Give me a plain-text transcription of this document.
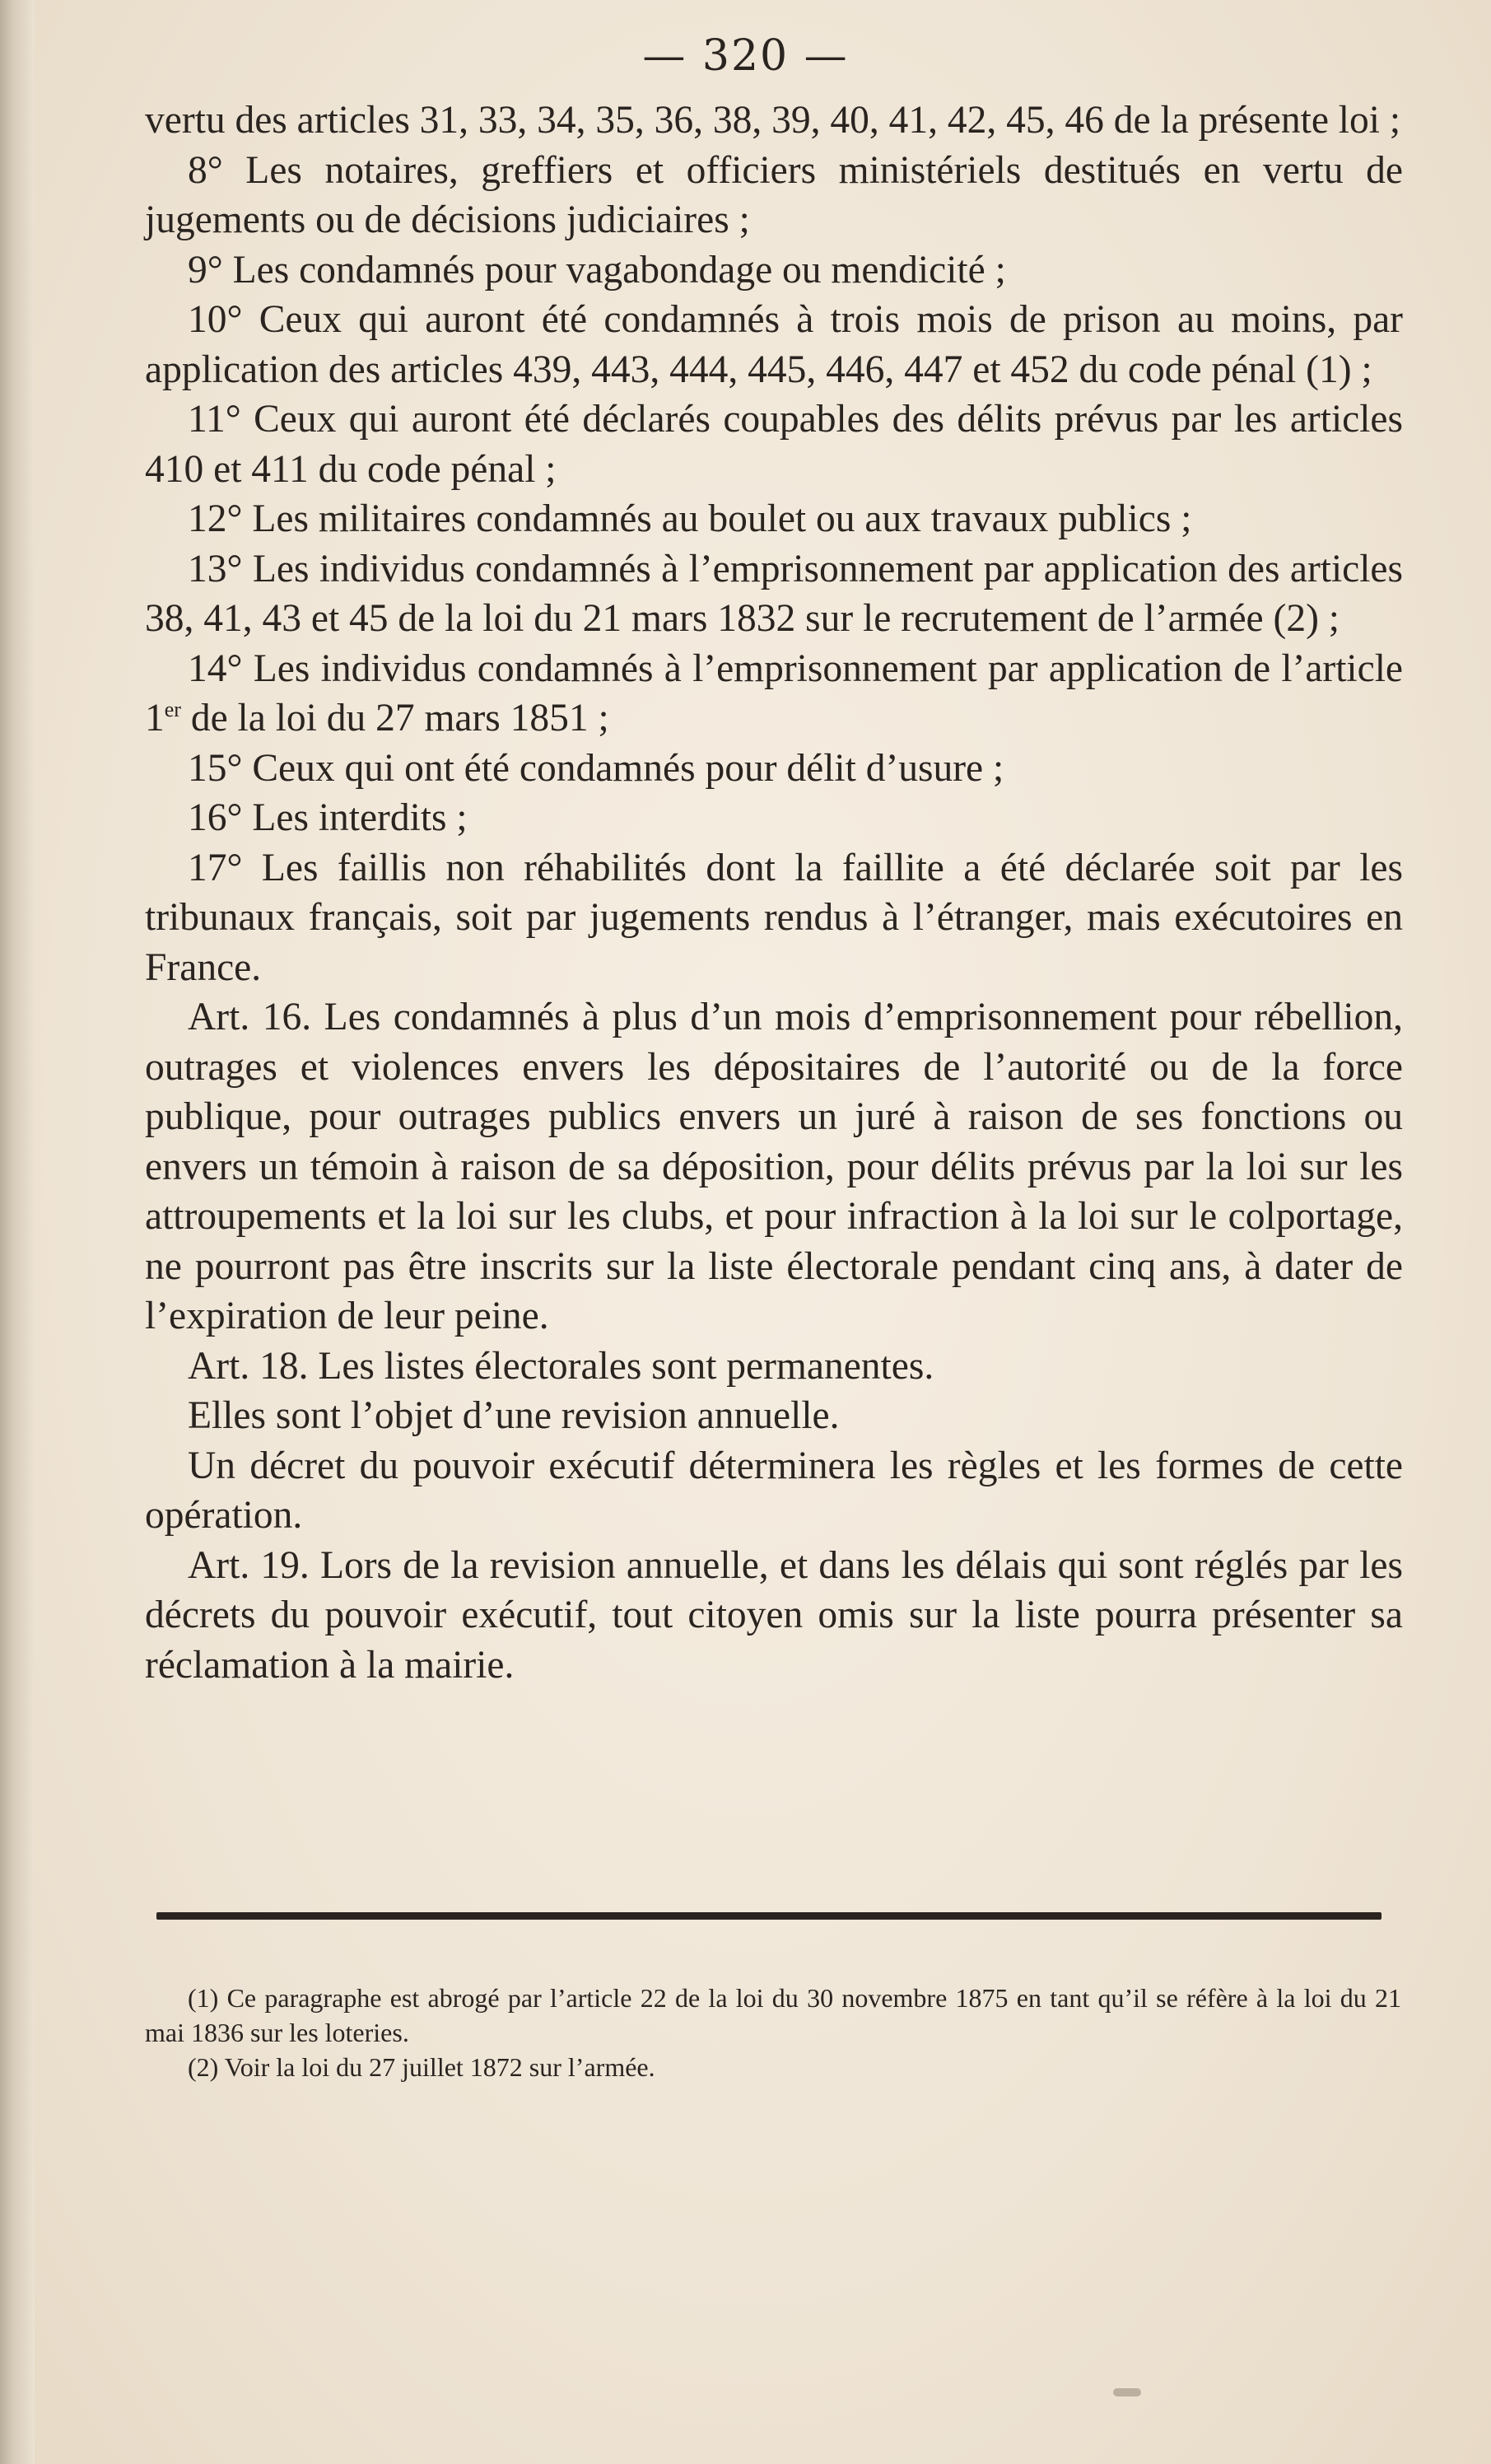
— 320 —

vertu des articles 31, 33, 34, 35, 36, 38, 39, 40, 41, 42, 45, 46 de la présente loi ;

8° Les notaires, greffiers et officiers ministériels destitués en vertu de jugements ou de décisions judiciaires ;

9° Les condamnés pour vagabondage ou mendicité ;

10° Ceux qui auront été condamnés à trois mois de prison au moins, par application des articles 439, 443, 444, 445, 446, 447 et 452 du code pénal (1) ;

11° Ceux qui auront été déclarés coupables des délits prévus par les articles 410 et 411 du code pénal ;

12° Les militaires condamnés au boulet ou aux travaux publics ;

13° Les individus condamnés à l’emprisonnement par application des articles 38, 41, 43 et 45 de la loi du 21 mars 1832 sur le recrutement de l’armée (2) ;

14° Les individus condamnés à l’emprisonnement par application de l’article 1er de la loi du 27 mars 1851 ;

15° Ceux qui ont été condamnés pour délit d’usure ;

16° Les interdits ;

17° Les faillis non réhabilités dont la faillite a été déclarée soit par les tribunaux français, soit par jugements rendus à l’étranger, mais exécutoires en France.

Art. 16. Les condamnés à plus d’un mois d’emprisonnement pour rébellion, outrages et violences envers les dépositaires de l’autorité ou de la force publique, pour outrages publics envers un juré à raison de ses fonctions ou envers un témoin à raison de sa déposition, pour délits prévus par la loi sur les attroupements et la loi sur les clubs, et pour infraction à la loi sur le colportage, ne pourront pas être inscrits sur la liste électorale pendant cinq ans, à dater de l’expiration de leur peine.

Art. 18. Les listes électorales sont permanentes.

Elles sont l’objet d’une revision annuelle.

Un décret du pouvoir exécutif déterminera les règles et les formes de cette opération.

Art. 19. Lors de la revision annuelle, et dans les délais qui sont réglés par les décrets du pouvoir exécutif, tout citoyen omis sur la liste pourra présenter sa réclamation à la mairie.

(1) Ce paragraphe est abrogé par l’article 22 de la loi du 30 novembre 1875 en tant qu’il se réfère à la loi du 21 mai 1836 sur les loteries.

(2) Voir la loi du 27 juillet 1872 sur l’armée.
